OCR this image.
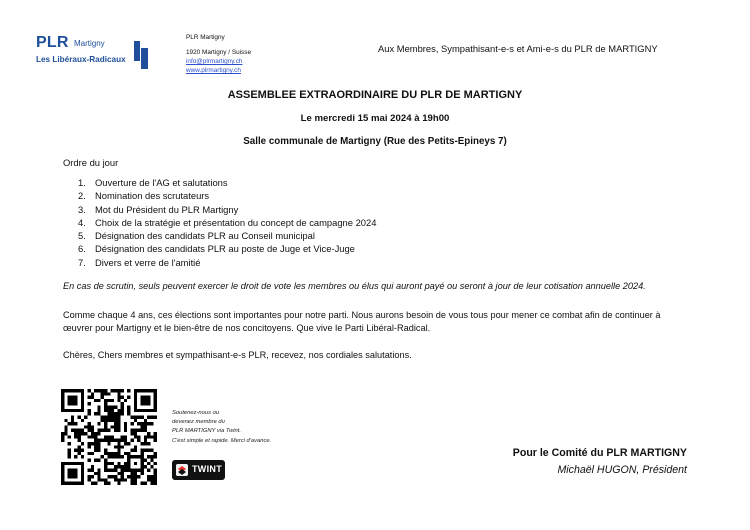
PLR Martigny
Les Libéraux-Radicaux
PLR Martigny
1920 Martigny / Suisse
info@plrmartigny.ch
www.plrmartigny.ch
Aux Membres, Sympathisant-e-s et Ami-e-s du PLR de MARTIGNY
ASSEMBLEE EXTRAORDINAIRE DU PLR DE MARTIGNY
Le mercredi 15 mai 2024 à 19h00
Salle communale de Martigny (Rue des Petits-Epineys 7)
Ordre du jour
1. Ouverture de l'AG et salutations
2. Nomination des scrutateurs
3. Mot du Président du PLR Martigny
4. Choix de la stratégie et présentation du concept de campagne 2024
5. Désignation des candidats PLR au Conseil municipal
6. Désignation des candidats PLR au poste de Juge et Vice-Juge
7. Divers et verre de l'amitié
En cas de scrutin, seuls peuvent exercer le droit de vote les membres ou élus qui auront payé ou seront à jour de leur cotisation annuelle 2024.
Comme chaque 4 ans, ces élections sont importantes pour notre parti. Nous aurons besoin de vous tous pour mener ce combat afin de continuer à
œuvrer pour Martigny et le bien-être de nos concitoyens. Que vive le Parti Libéral-Radical.
Chères, Chers membres et sympathisant-e-s PLR, recevez, nos cordiales salutations.
Soutenez-nous ou
devenez membre du
PLR MARTIGNY via Twint.
C'est simple et rapide. Merci d'avance.
TWINT
Pour le Comité du PLR MARTIGNY
Michaël HUGON, Président
